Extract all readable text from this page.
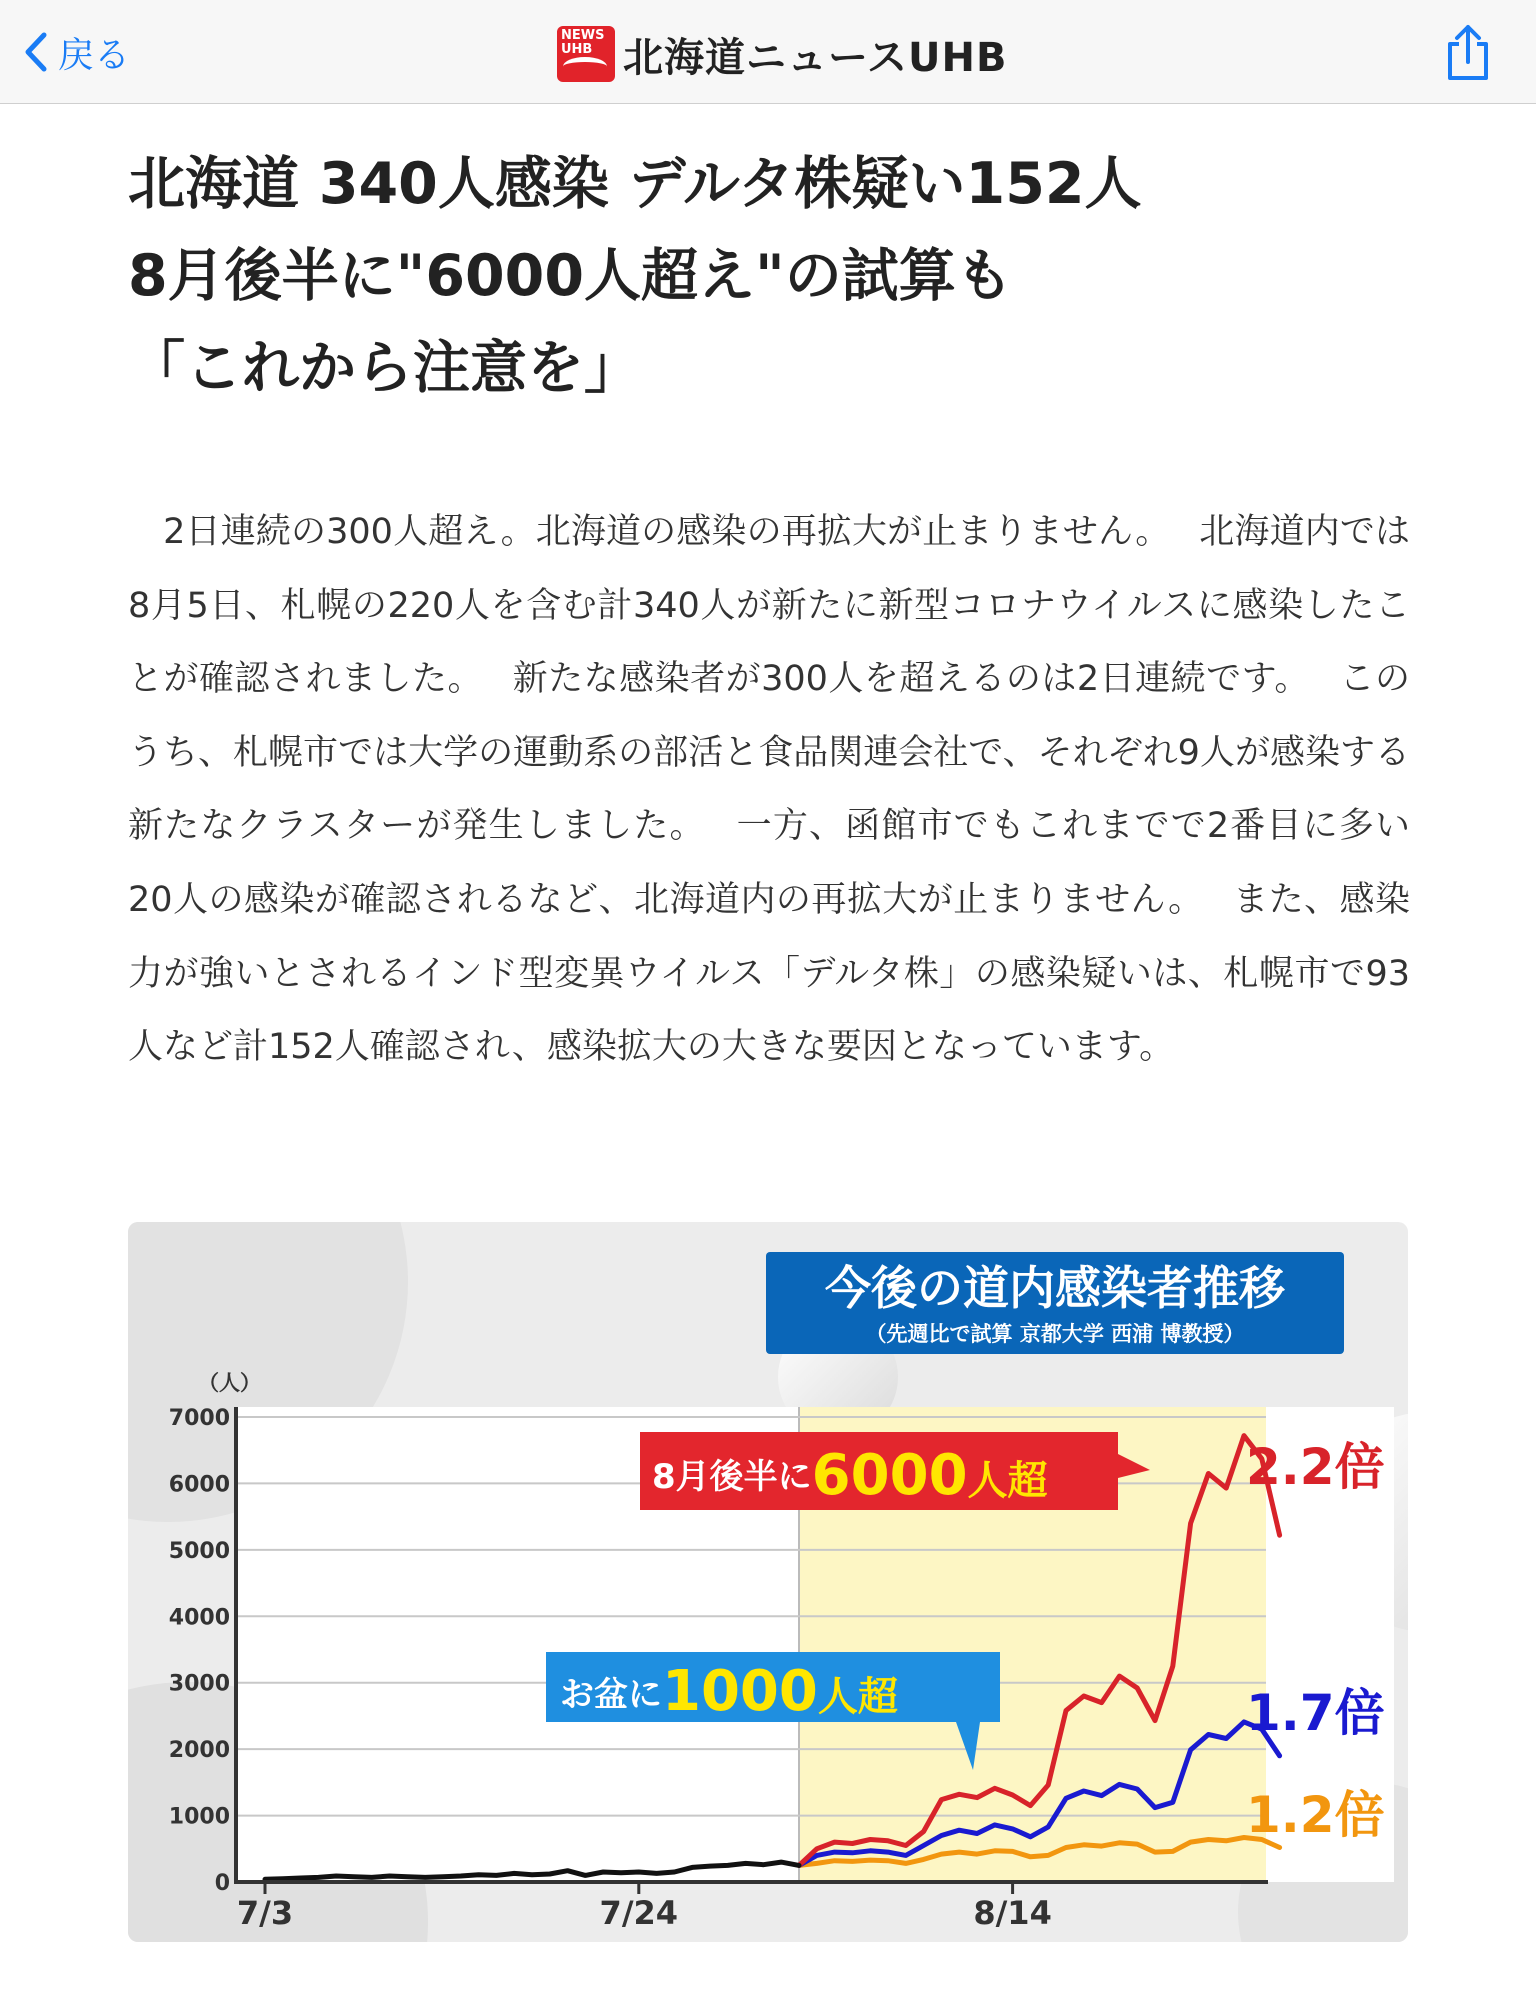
戻る	NEWS
UHB 北海道ニュースUHB
北海道 340人感染 デルタ株疑い152人
8月後半に"6000人超え"の試算も
「これから注意を」

　2日連続の300人超え。北海道の感染の再拡大が止まりません。　 北海道内では8月5日、札幌の220人を含む計340人が新たに新型コロナウイルスに感染したことが確認されました。　 新たな感染者が300人を超えるのは2日連続です。　 このうち、札幌市では大学の運動系の部活と食品関連会社で、それぞれ9人が感染する新たなクラスターが発生しました。　 一方、函館市でもこれまでで2番目に多い20人の感染が確認されるなど、北海道内の再拡大が止まりません。　 また、感染力が強いとされるインド型変異ウイルス「デルタ株」の感染疑いは、札幌市で93人など計152人確認され、感染拡大の大きな要因となっています。

0
1000
2000
3000
4000
5000
6000
7000
（人）
7/3	7/24	8/14
今後の道内感染者推移
（先週比で試算 京都大学 西浦 博教授）
8月後半に6000人超
お盆に1000人超
2.2倍
1.7倍
1.2倍
